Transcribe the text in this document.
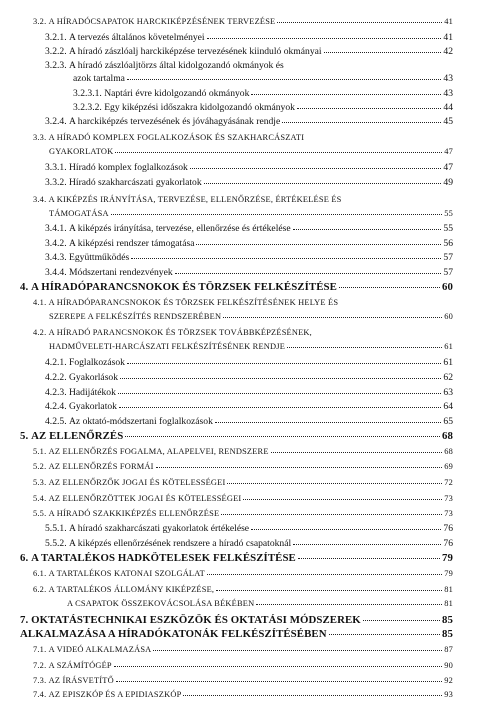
3.2. A HÍRADÓCSAPATOK HARCKIKÉPZÉSÉNEK TERVEZÉSE	41
3.2.1. A tervezés általános követelményei	41
3.2.2. A híradó zászlóalj harckiképzése tervezésének kiinduló okmányai	42
3.2.3. A híradó zászlóaljtörzs által kidolgozandó okmányok és
azok tartalma	43
3.2.3.1. Naptári évre kidolgozandó okmányok	43
3.2.3.2. Egy kiképzési időszakra kidolgozandó okmányok	44
3.2.4. A harckiképzés tervezésének és jóváhagyásának rendje	45
3.3. A HÍRADÓ KOMPLEX FOGLALKOZÁSOK ÉS SZAKHARCÁSZATI
GYAKORLATOK	47
3.3.1. Híradó komplex foglalkozások	47
3.3.2. Híradó szakharcászati gyakorlatok	49
3.4. A KIKÉPZÉS IRÁNYÍTÁSA, TERVEZÉSE, ELLENŐRZÉSE, ÉRTÉKELÉSE ÉS
TÁMOGATÁSA	55
3.4.1. A kiképzés irányítása, tervezése, ellenőrzése és értékelése	55
3.4.2. A kiképzési rendszer támogatása	56
3.4.3. Együttműködés	57
3.4.4. Módszertani rendezvények	57
4. A HÍRADÓPARANCSNOKOK ÉS TÖRZSEK FELKÉSZÍTÉSE	60
4.1. A HÍRADÓPARANCSNOKOK ÉS TÖRZSEK FELKÉSZÍTÉSÉNEK HELYE ÉS
SZEREPE A FELKÉSZÍTÉS RENDSZERÉBEN	60
4.2. A HÍRADÓ PARANCSNOKOK ÉS TÖRZSEK TOVÁBBKÉPZÉSÉNEK,
HADMŰVELETI-HARCÁSZATI FELKÉSZÍTÉSÉNEK RENDJE	61
4.2.1. Foglalkozások	61
4.2.2. Gyakorlások	62
4.2.3. Hadijátékok	63
4.2.4. Gyakorlatok	64
4.2.5. Az oktató-módszertani foglalkozások	65
5. AZ ELLENŐRZÉS	68
5.1. AZ ELLENŐRZÉS FOGALMA, ALAPELVEI, RENDSZERE	68
5.2. AZ ELLENŐRZÉS FORMÁI	69
5.3. AZ ELLENŐRZŐK JOGAI ÉS KÖTELESSÉGEI	72
5.4. AZ ELLENŐRZÖTTEK JOGAI ÉS KÖTELESSÉGEI	73
5.5. A HÍRADÓ SZAKKIKÉPZÉS ELLENŐRZÉSE	73
5.5.1. A híradó szakharcászati gyakorlatok értékelése	76
5.5.2. A kiképzés ellenőrzésének rendszere a híradó csapatoknál	76
6. A TARTALÉKOS HADKÖTELESEK FELKÉSZÍTÉSE	79
6.1. A TARTALÉKOS KATONAI SZOLGÁLAT	79
6.2. A TARTALÉKOS ÁLLOMÁNY KIKÉPZÉSE,	81
A CSAPATOK ÖSSZEKOVÁCSOLÁSA BÉKÉBEN	81
7. OKTATÁSTECHNIKAI ESZKÖZÖK ÉS OKTATÁSI MÓDSZEREK	85
ALKALMAZÁSA A HÍRADÓKATONÁK FELKÉSZÍTÉSÉBEN	85
7.1. A VIDEÓ ALKALMAZÁSA	87
7.2. A SZÁMÍTÓGÉP	90
7.3. AZ ÍRÁSVETÍTŐ	92
7.4. AZ EPISZKÓP ÉS A EPIDIASZKÓP	93
